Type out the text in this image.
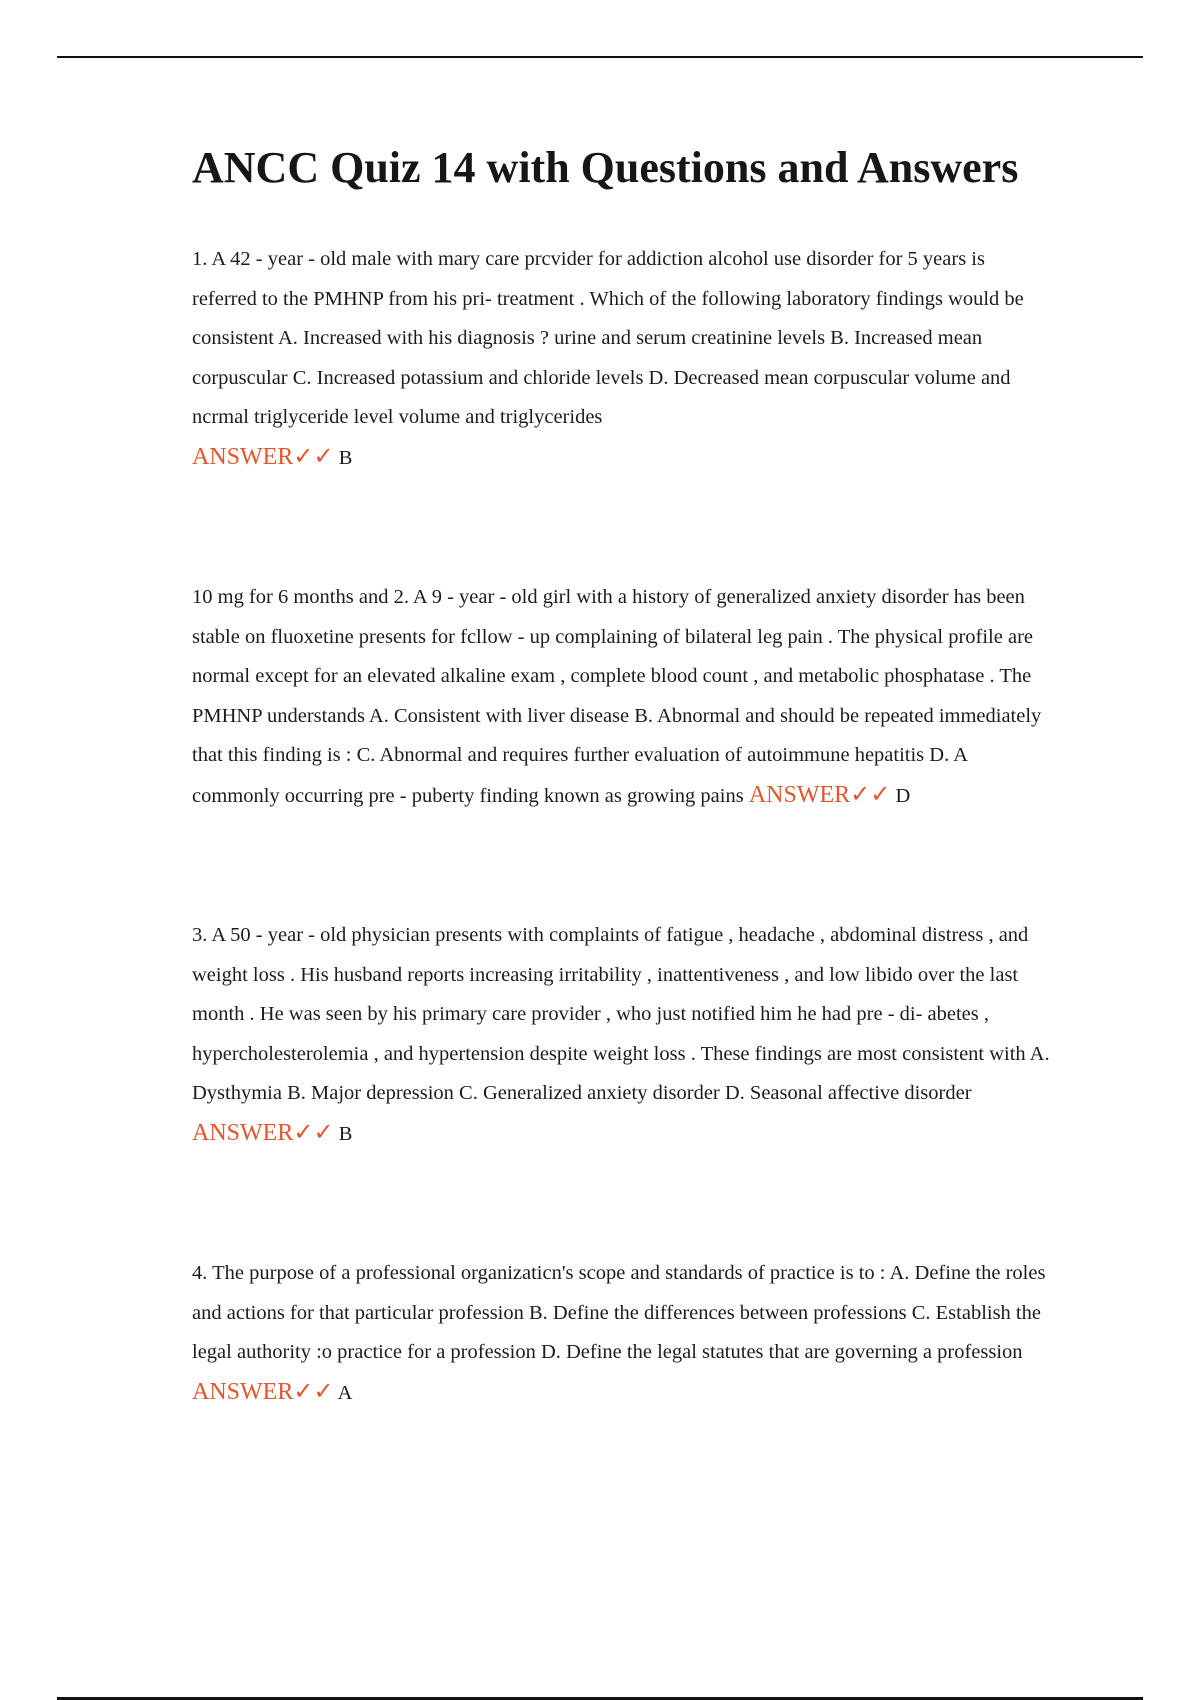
ANCC Quiz 14 with Questions and Answers

1. A 42 - year - old male with mary care prcvider for addiction alcohol use disorder for 5 years is referred to the PMHNP from his pri- treatment . Which of the following laboratory findings would be consistent A. Increased with his diagnosis ? urine and serum creatinine levels B. Increased mean corpuscular C. Increased potassium and chloride levels D. Decreased mean corpuscular volume and ncrmal triglyceride level volume and triglycerides
ANSWER✓✓ B

10 mg for 6 months and 2. A 9 - year - old girl with a history of generalized anxiety disorder has been stable on fluoxetine presents for fcllow - up complaining of bilateral leg pain . The physical profile are normal except for an elevated alkaline exam , complete blood count , and metabolic phosphatase . The PMHNP understands A. Consistent with liver disease B. Abnormal and should be repeated immediately that this finding is : C. Abnormal and requires further evaluation of autoimmune hepatitis D. A commonly occurring pre - puberty finding known as growing pains ANSWER✓✓ D

3. A 50 - year - old physician presents with complaints of fatigue , headache , abdominal distress , and weight loss . His husband reports increasing irritability , inattentiveness , and low libido over the last month . He was seen by his primary care provider , who just notified him he had pre - di- abetes , hypercholesterolemia , and hypertension despite weight loss . These findings are most consistent with A. Dysthymia B. Major depression C. Generalized anxiety disorder D. Seasonal affective disorder ANSWER✓✓ B

4. The purpose of a professional organizaticn's scope and standards of practice is to : A. Define the roles and actions for that particular profession B. Define the differences between professions C. Establish the legal authority :o practice for a profession D. Define the legal statutes that are governing a profession ANSWER✓✓ A
